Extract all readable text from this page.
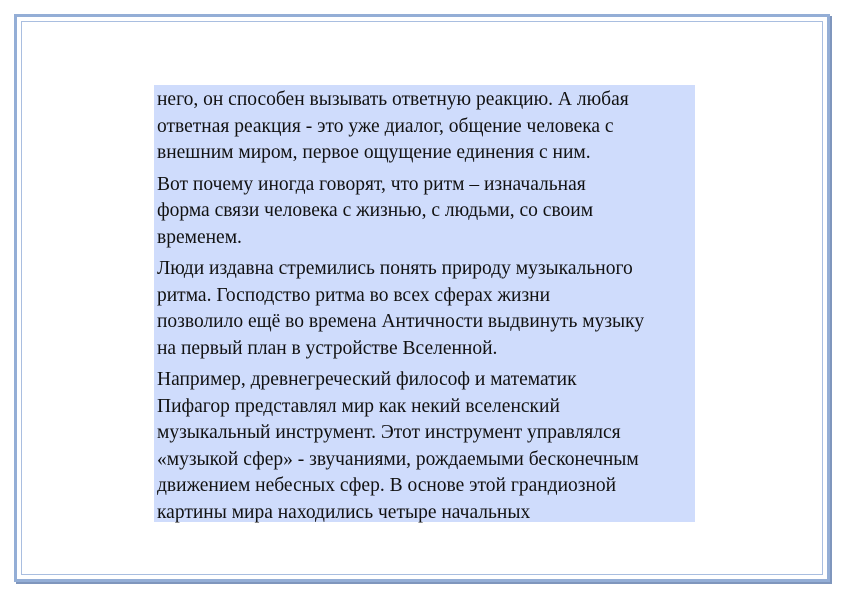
него, он способен вызывать ответную реакцию. А любая
ответная реакция - это уже диалог, общение человека с
внешним миром, первое ощущение единения с ним.

Вот почему иногда говорят, что ритм – изначальная
форма связи человека с жизнью, с людьми, со своим
временем.

Люди издавна стремились понять природу музыкального
ритма. Господство ритма во всех сферах жизни
позволило ещё во времена Античности выдвинуть музыку
на первый план в устройстве Вселенной.

Например, древнегреческий философ и математик
Пифагор представлял мир как некий вселенский
музыкальный инструмент. Этот инструмент управлялся
«музыкой сфер» - звучаниями, рождаемыми бесконечным
движением небесных сфер. В основе этой грандиозной
картины мира находились четыре начальных
